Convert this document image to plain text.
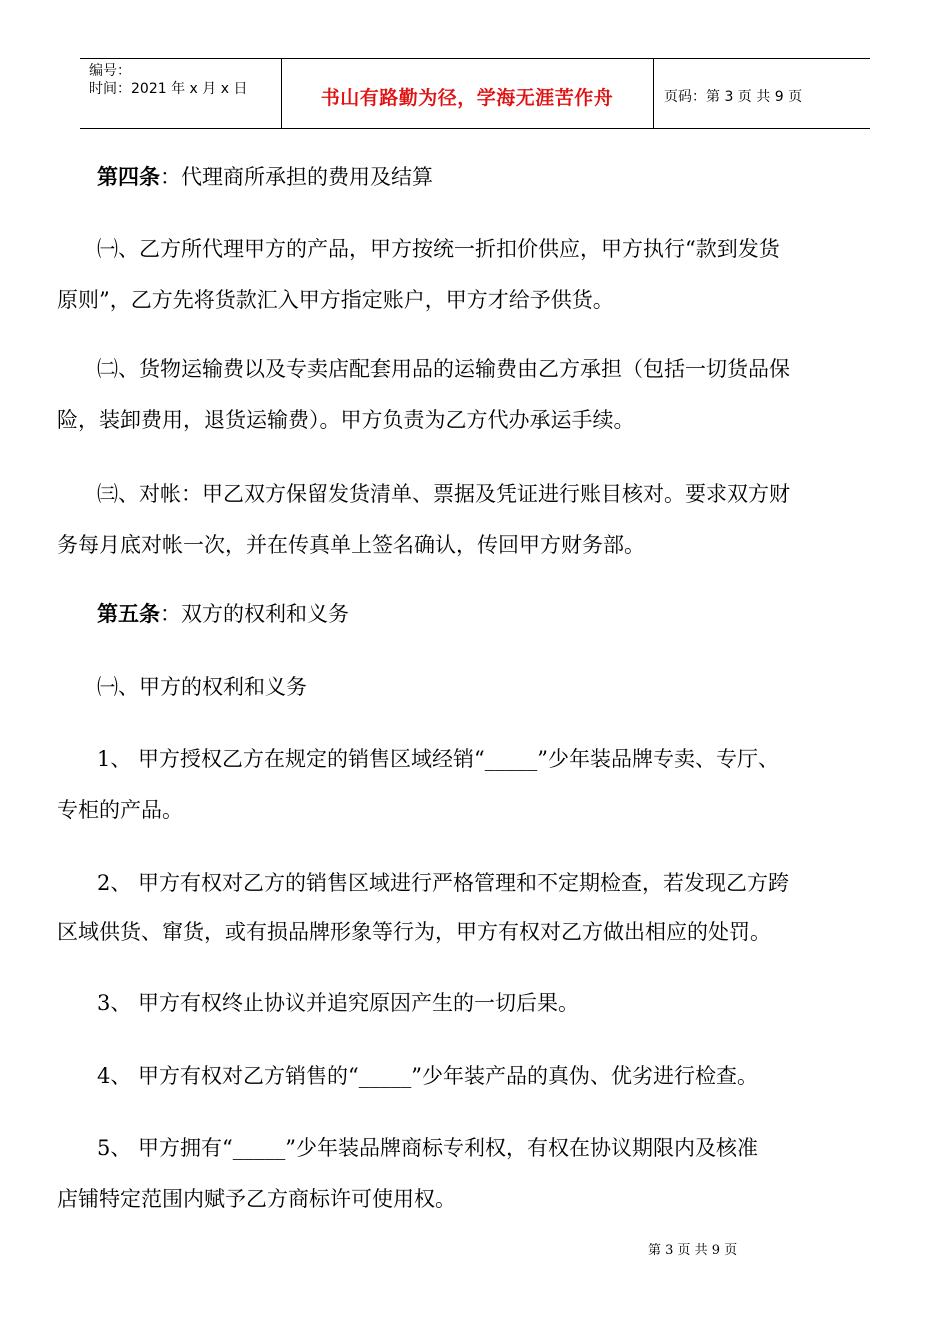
编号：
时间：2021 年 x 月 x 日	书山有路勤为径，学海无涯苦作舟	页码：第 3 页 共 9 页
第四条：代理商所承担的费用及结算
㈠、乙方所代理甲方的产品，甲方按统一折扣价供应，甲方执行“款到发货
原则”，乙方先将货款汇入甲方指定账户，甲方才给予供货。
㈡、货物运输费以及专卖店配套用品的运输费由乙方承担（包括一切货品保
险，装卸费用，退货运输费）。甲方负责为乙方代办承运手续。
㈢、对帐：甲乙双方保留发货清单、票据及凭证进行账目核对。要求双方财
务每月底对帐一次，并在传真单上签名确认，传回甲方财务部。
第五条：双方的权利和义务
㈠、甲方的权利和义务
1、 甲方授权乙方在规定的销售区域经销“_____”少年装品牌专卖、专厅、
专柜的产品。
2、 甲方有权对乙方的销售区域进行严格管理和不定期检查，若发现乙方跨
区域供货、窜货，或有损品牌形象等行为，甲方有权对乙方做出相应的处罚。
3、 甲方有权终止协议并追究原因产生的一切后果。
4、 甲方有权对乙方销售的“_____”少年装产品的真伪、优劣进行检查。
5、 甲方拥有“_____”少年装品牌商标专利权，有权在协议期限内及核准
店铺特定范围内赋予乙方商标许可使用权。
第 3 页 共 9 页
